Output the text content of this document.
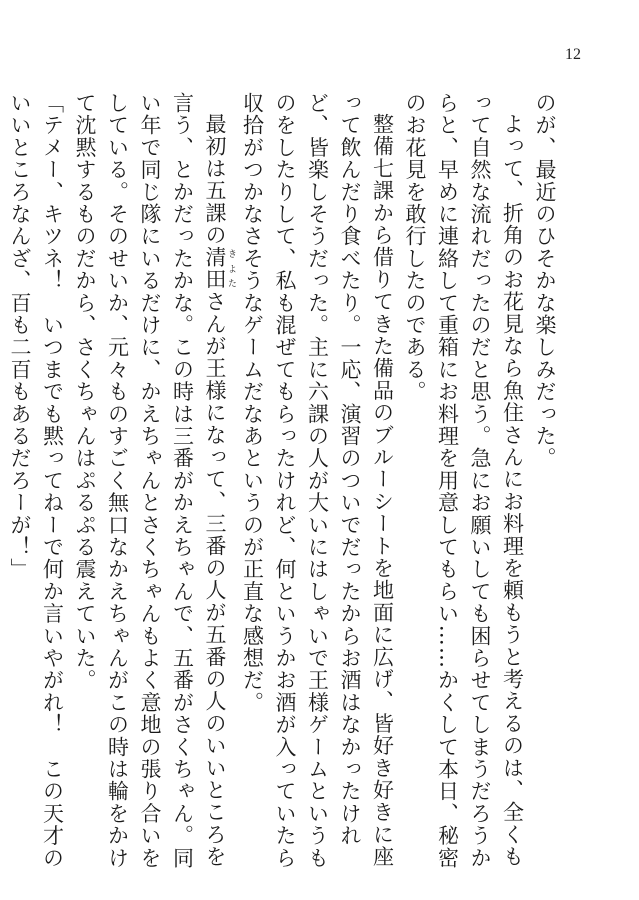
12

のが、最近のひそかな楽しみだった。

よって、折角のお花見なら魚住さんにお料理を頼もうと考えるのは、全くもって自然な流れだったのだと思う。急にお願いしても困らせてしまうだろうからと、早めに連絡して重箱にお料理を用意してもらい……かくして本日、秘密のお花見を敢行したのである。

整備七課から借りてきた備品のブルーシートを地面に広げ、皆好き好きに座って飲んだり食べたり。一応、演習のついでだったからお酒はなかったけれど、皆楽しそうだった。主に六課の人が大いにはしゃいで王様ゲームというものをしたりして、私も混ぜてもらったけれど、何というかお酒が入っていたら収拾がつかなさそうなゲームだなあというのが正直な感想だ。

最初は五課の清田 きよたさんが王様になって、三番の人が五番の人のいいところを言う、とかだったかな。この時は三番がかえちゃんで、五番がさくちゃん。同い年で同じ隊にいるだけに、かえちゃんとさくちゃんもよく意地の張り合いをしている。そのせいか、元々ものすごく無口なかえちゃんがこの時は輪をかけて沈黙するものだから、さくちゃんはぷるぷる震えていた。

「テメー、キツネ！　いつまでも黙ってねーで何か言いやがれ！　この天才のいいところなんざ、百も二百もあるだろーが！」
